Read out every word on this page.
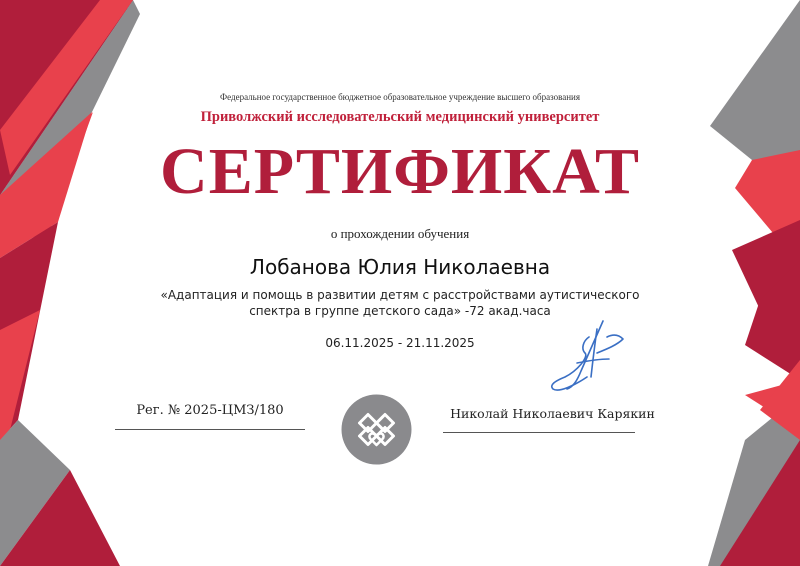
Федеральное государственное бюджетное образовательное учреждение высшего образования

Приволжский исследовательский медицинский университет

СЕРТИФИКАТ

о прохождении обучения

Лобанова Юлия Николаевна

«Адаптация и помощь в развитии детям с расстройствами аутистического спектра в группе детского сада» -72 акад.часа

06.11.2025 - 21.11.2025

Рег. № 2025-ЦМЗ/180	Николай Николаевич Карякин
